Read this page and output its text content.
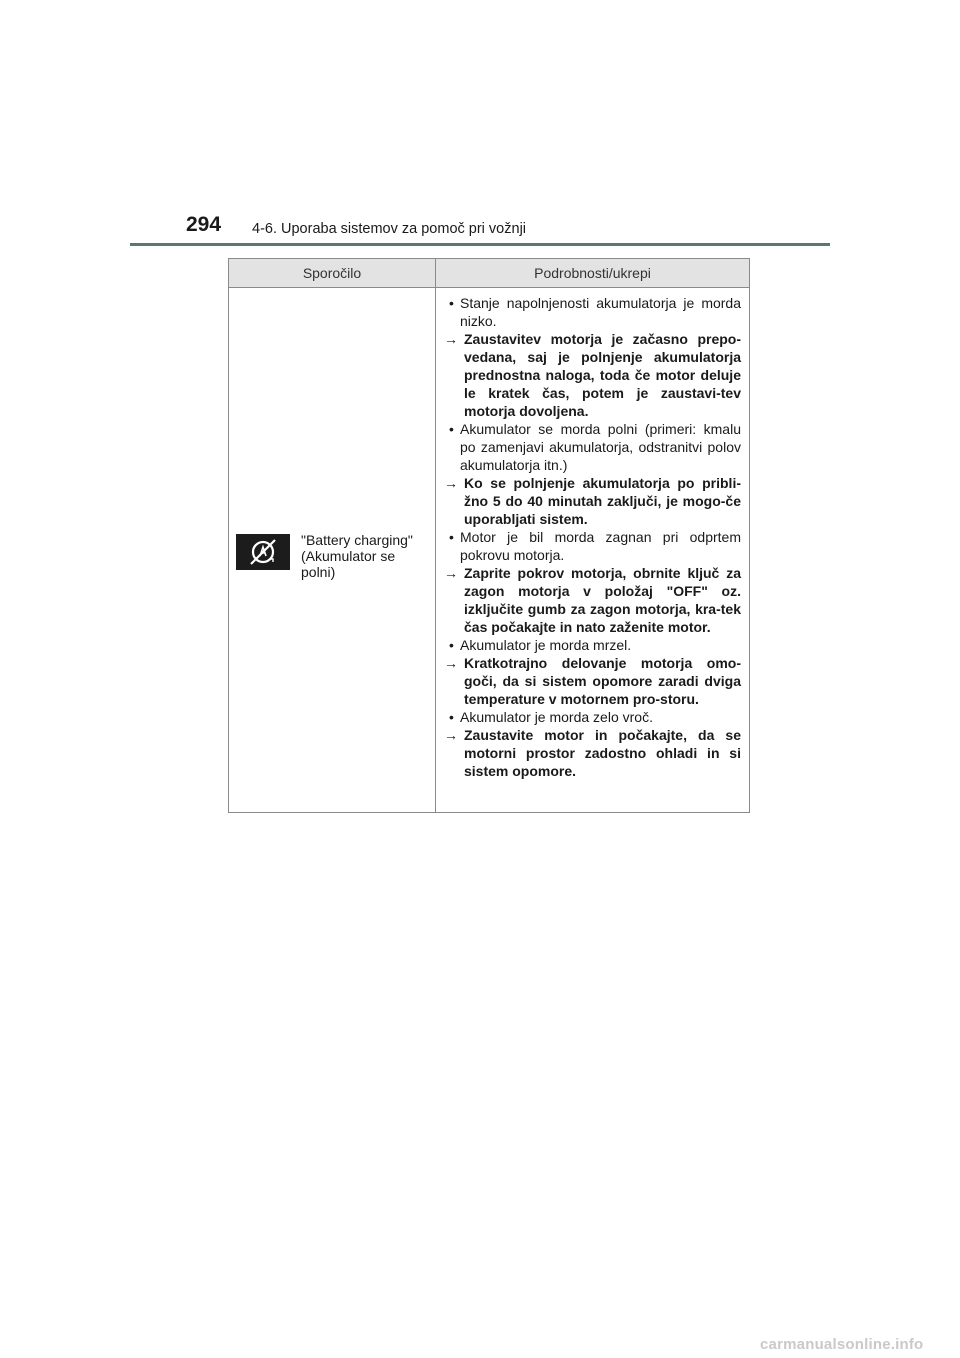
294 4-6. Uporaba sistemov za pomoč pri vožnji
Sporočilo	Podrobnosti/ukrepi
"Battery charging" (Akumulator se polni)

• Stanje napolnjenosti akumulatorja je morda nizko.

→ Zaustavitev motorja je začasno prepo-vedana, saj je polnjenje akumulatorja prednostna naloga, toda če motor deluje le kratek čas, potem je zaustavi-tev motorja dovoljena.

• Akumulator se morda polni (primeri: kmalu po zamenjavi akumulatorja, odstranitvi polov akumulatorja itn.)

→ Ko se polnjenje akumulatorja po pribli-žno 5 do 40 minutah zaključi, je mogo-če uporabljati sistem.

• Motor je bil morda zagnan pri odprtem pokrovu motorja.

→ Zaprite pokrov motorja, obrnite ključ za zagon motorja v položaj "OFF" oz. izključite gumb za zagon motorja, kra-tek čas počakajte in nato zaženite motor.

• Akumulator je morda mrzel.

→ Kratkotrajno delovanje motorja omo-goči, da si sistem opomore zaradi dviga temperature v motornem pro-storu.

• Akumulator je morda zelo vroč.

→ Zaustavite motor in počakajte, da se motorni prostor zadostno ohladi in si sistem opomore.

carmanualsonline.info
